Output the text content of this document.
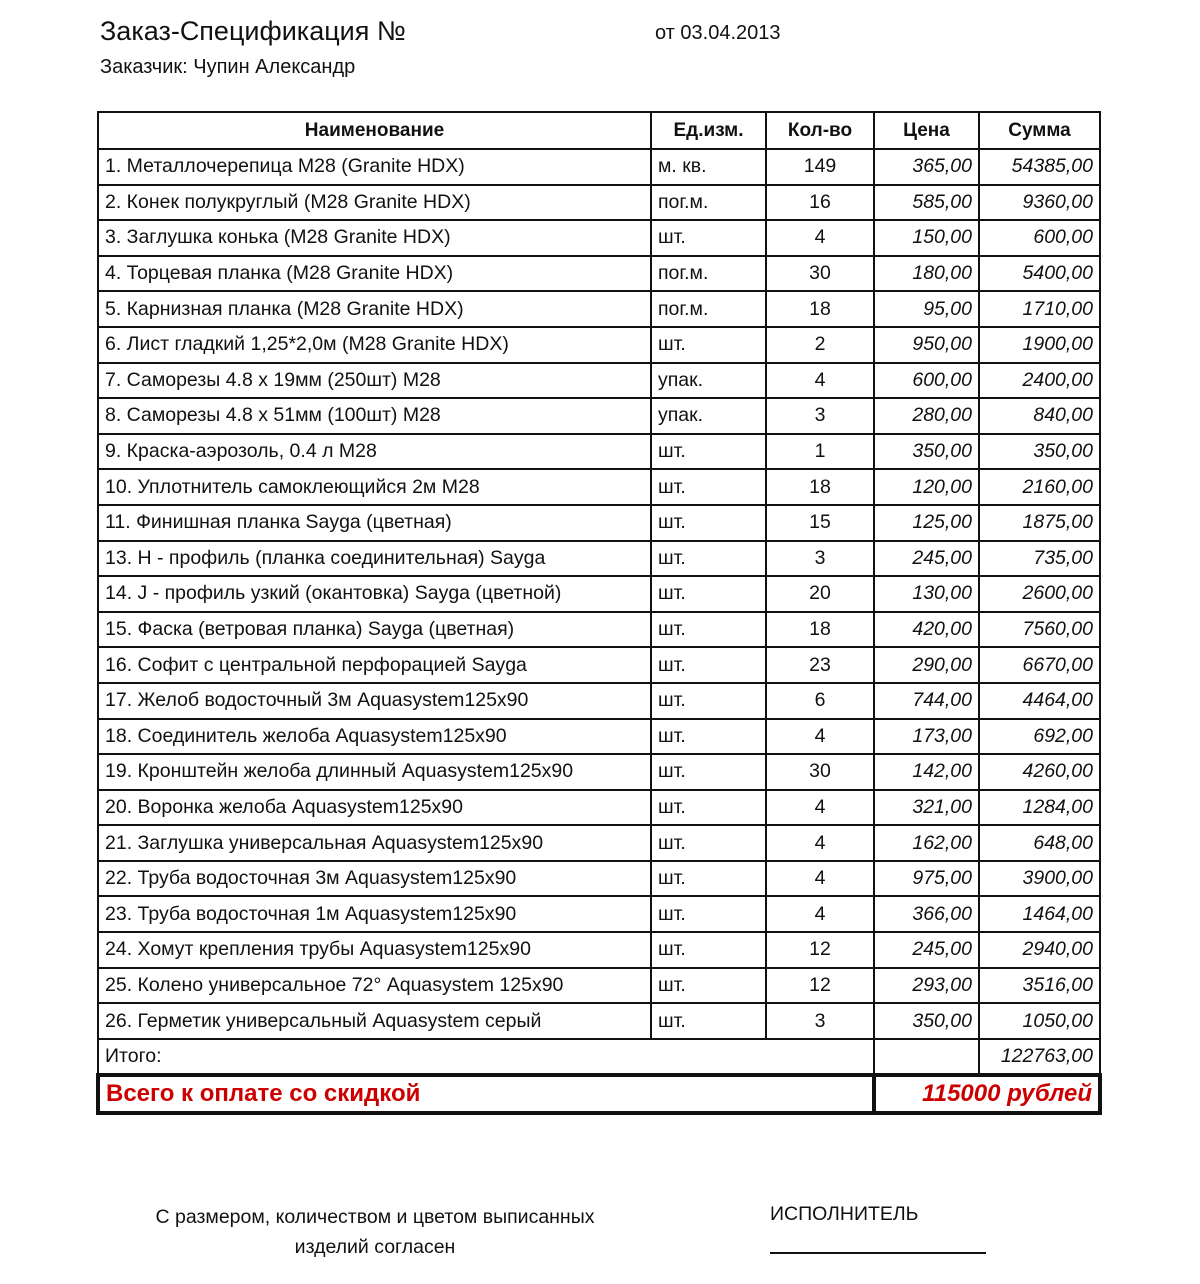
Заказ-Спецификация №	от 03.04.2013
Заказчик: Чупин Александр
Наименование	Ед.изм.	Кол-во	Цена	Сумма
1. Металлочерепица М28 (Granite HDX)	м. кв.	149	365,00	54385,00
2. Конек полукруглый (М28 Granite HDX)	пог.м.	16	585,00	9360,00
3. Заглушка конька (М28 Granite HDX)	шт.	4	150,00	600,00
4. Торцевая планка (М28 Granite HDX)	пог.м.	30	180,00	5400,00
5. Карнизная планка (М28 Granite HDX)	пог.м.	18	95,00	1710,00
6. Лист гладкий 1,25*2,0м (М28 Granite HDX)	шт.	2	950,00	1900,00
7. Саморезы 4.8 х 19мм (250шт) М28	упак.	4	600,00	2400,00
8. Саморезы 4.8 х 51мм (100шт) М28	упак.	3	280,00	840,00
9. Краска-аэрозоль, 0.4 л М28	шт.	1	350,00	350,00
10. Уплотнитель самоклеющийся 2м М28	шт.	18	120,00	2160,00
11. Финишная планка Sayga (цветная)	шт.	15	125,00	1875,00
13. Н - профиль (планка соединительная) Sayga	шт.	3	245,00	735,00
14. J - профиль узкий (окантовка) Sayga (цветной)	шт.	20	130,00	2600,00
15. Фаска (ветровая планка) Sayga (цветная)	шт.	18	420,00	7560,00
16. Софит с центральной перфорацией Sayga	шт.	23	290,00	6670,00
17. Желоб водосточный 3м Aquasystem125x90	шт.	6	744,00	4464,00
18. Соединитель желоба Aquasystem125x90	шт.	4	173,00	692,00
19. Кронштейн желоба длинный Aquasystem125x90	шт.	30	142,00	4260,00
20. Воронка желоба Aquasystem125x90	шт.	4	321,00	1284,00
21. Заглушка универсальная Aquasystem125x90	шт.	4	162,00	648,00
22. Труба водосточная 3м Aquasystem125x90	шт.	4	975,00	3900,00
23. Труба водосточная 1м Aquasystem125x90	шт.	4	366,00	1464,00
24. Хомут крепления трубы Aquasystem125x90	шт.	12	245,00	2940,00
25. Колено универсальное 72° Aquasystem 125x90	шт.	12	293,00	3516,00
26. Герметик универсальный Aquasystem серый	шт.	3	350,00	1050,00
Итого:				122763,00
Всего к оплате со скидкой			115000 рублей	
С размером, количеством и цветом выписанных
изделий согласен
ИСПОЛНИТЕЛЬ
